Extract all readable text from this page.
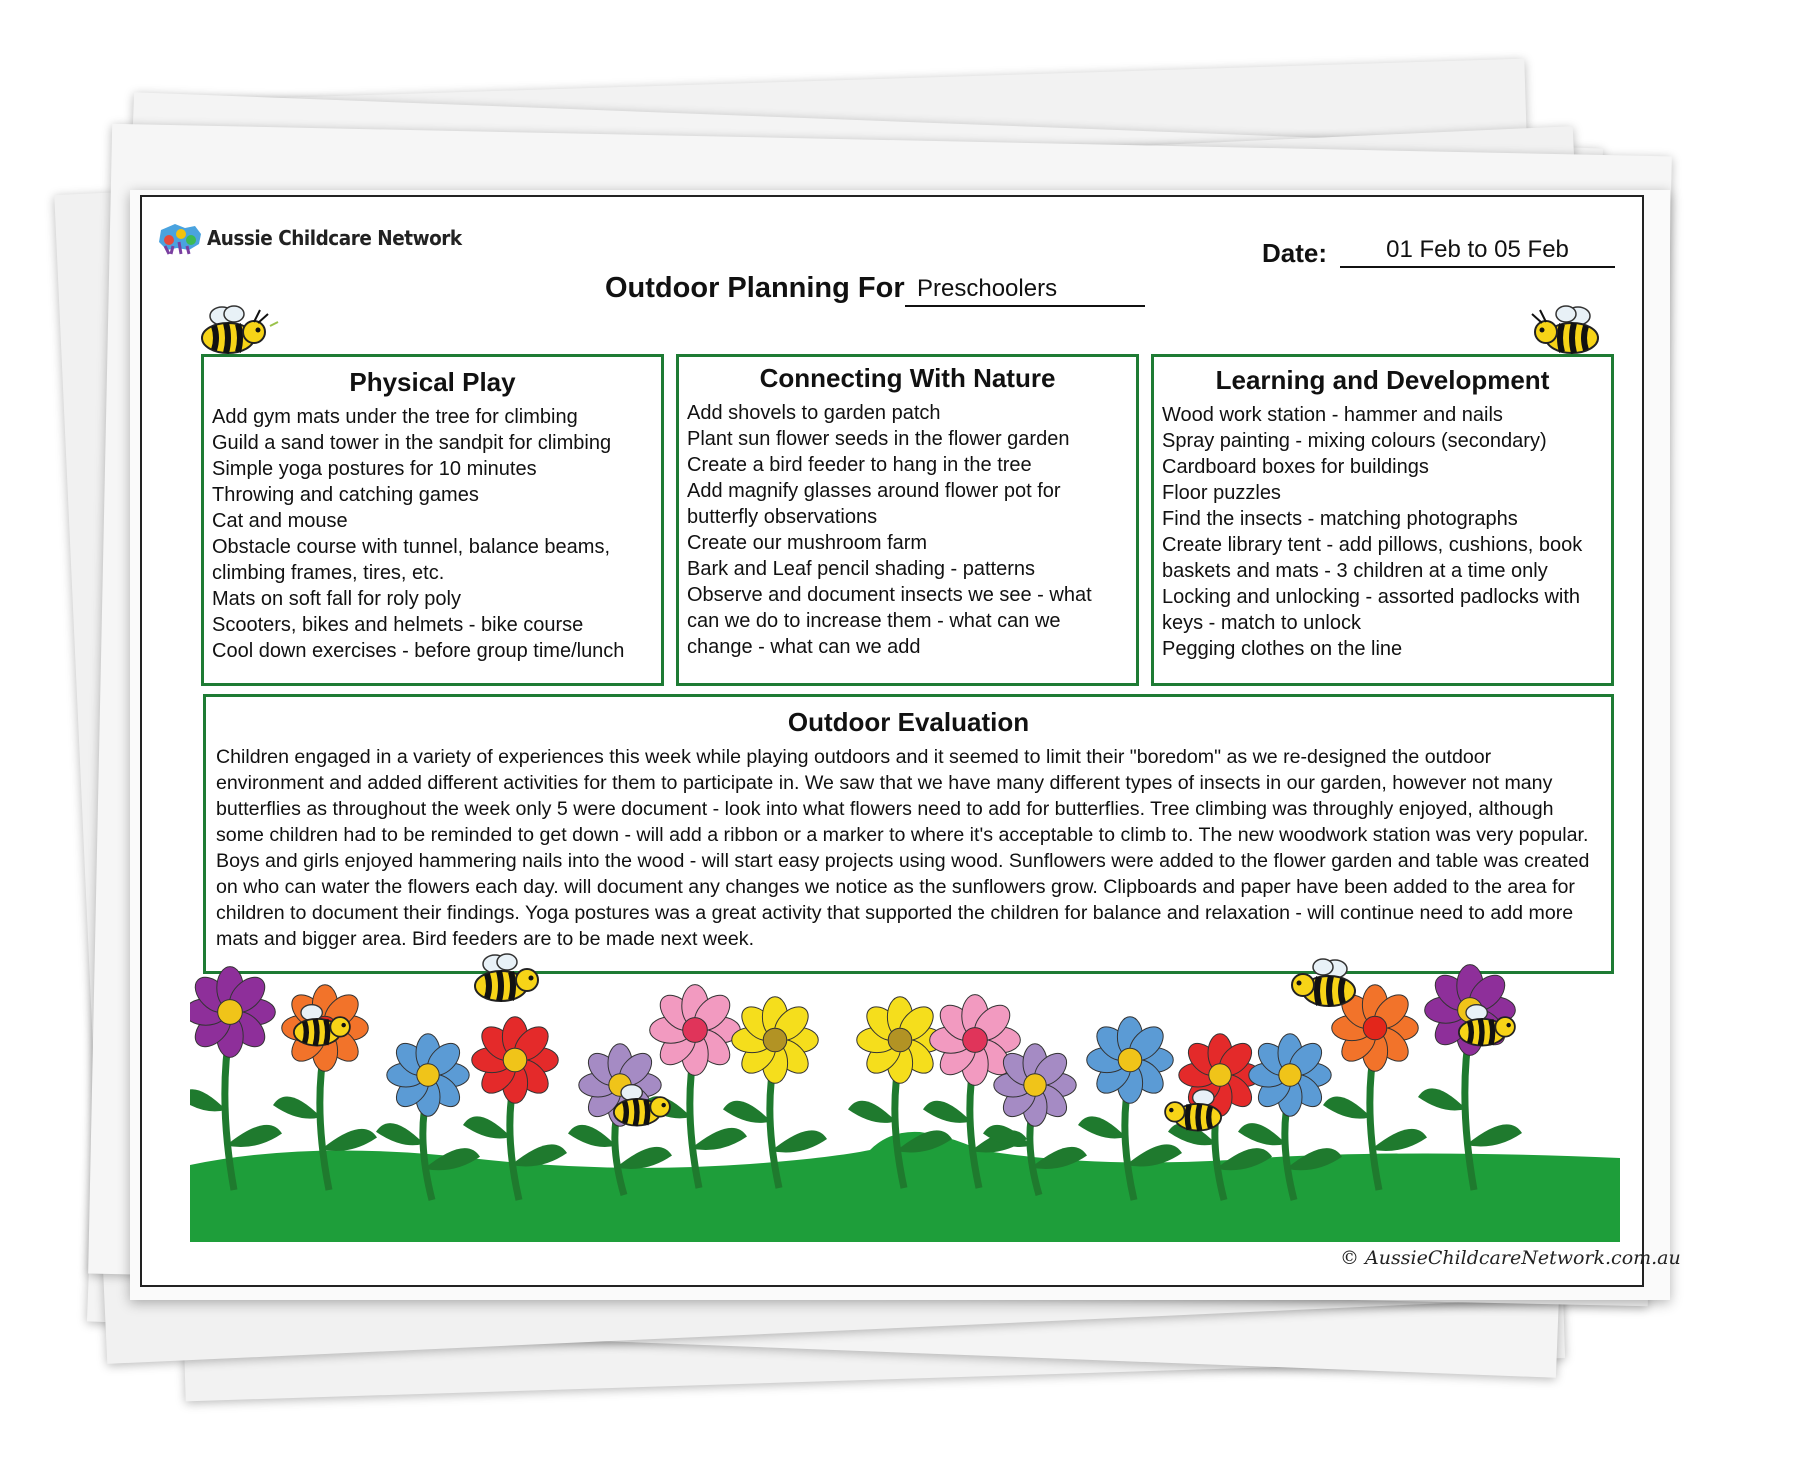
Aussie Childcare Network	Date:	01 Feb to 05 Feb
Outdoor Planning For Preschoolers
Physical Play
Add gym mats under the tree for climbing
Guild a sand tower in the sandpit for climbing
Simple yoga postures for 10 minutes
Throwing and catching games
Cat and mouse
Obstacle course with tunnel, balance beams,
climbing frames, tires, etc.
Mats on soft fall for roly poly
Scooters, bikes and helmets - bike course
Cool down exercises - before group time/lunch
Connecting With Nature
Add shovels to garden patch
Plant sun flower seeds in the flower garden
Create a bird feeder to hang in the tree
Add magnify glasses around flower pot for
butterfly observations
Create our mushroom farm
Bark and Leaf pencil shading - patterns
Observe and document insects we see - what
can we do to increase them - what can we
change - what can we add
Learning and Development
Wood work station - hammer and nails
Spray painting - mixing colours (secondary)
Cardboard boxes for buildings
Floor puzzles
Find the insects - matching photographs
Create library tent - add pillows, cushions, book
baskets and mats - 3 children at a time only
Locking and unlocking - assorted padlocks with
keys - match to unlock
Pegging clothes on the line
Outdoor Evaluation

Children engaged in a variety of experiences this week while playing outdoors and it seemed to limit their "boredom" as we re-designed the outdoor environment and added different activities for them to participate in. We saw that we have many different types of insects in our garden, however not many butterflies as throughout the week only 5 were document - look into what flowers need to add for butterflies. Tree climbing was throughly enjoyed, although some children had to be reminded to get down - will add a ribbon or a marker to where it's acceptable to climb to. The new woodwork station was very popular. Boys and girls enjoyed hammering nails into the wood - will start easy projects using wood. Sunflowers were added to the flower garden and table was created on who can water the flowers each day. will document any changes we notice as the sunflowers grow. Clipboards and paper have been added to the area for children to document their findings. Yoga postures was a great activity that supported the children for balance and relaxation - will continue need to add more mats and bigger area. Bird feeders are to be made next week.

© AussieChildcareNetwork.com.au
